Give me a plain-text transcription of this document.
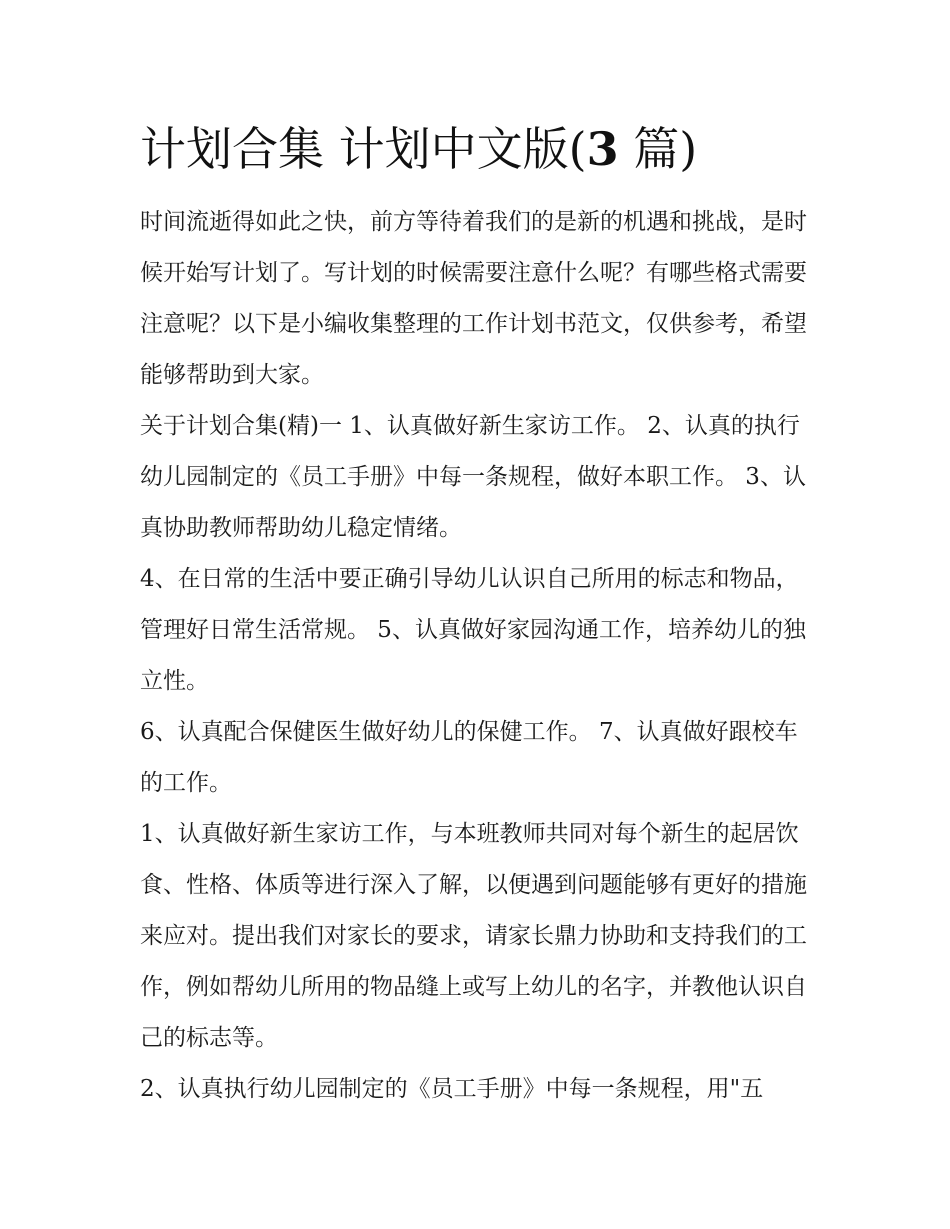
计划合集 计划中文版(3 篇)

时间流逝得如此之快，前方等待着我们的是新的机遇和挑战，是时候开始写计划了。写计划的时候需要注意什么呢？有哪些格式需要注意呢？以下是小编收集整理的工作计划书范文，仅供参考，希望能够帮助到大家。

关于计划合集(精)一 1、认真做好新生家访工作。 2、认真的执行幼儿园制定的《员工手册》中每一条规程，做好本职工作。 3、认真协助教师帮助幼儿稳定情绪。

4、在日常的生活中要正确引导幼儿认识自己所用的标志和物品，管理好日常生活常规。 5、认真做好家园沟通工作，培养幼儿的独立性。

6、认真配合保健医生做好幼儿的保健工作。 7、认真做好跟校车的工作。

1、认真做好新生家访工作，与本班教师共同对每个新生的起居饮食、性格、体质等进行深入了解，以便遇到问题能够有更好的措施来应对。提出我们对家长的要求，请家长鼎力协助和支持我们的工作，例如帮幼儿所用的物品缝上或写上幼儿的名字，并教他认识自己的标志等。

2、认真执行幼儿园制定的《员工手册》中每一条规程，用"五
